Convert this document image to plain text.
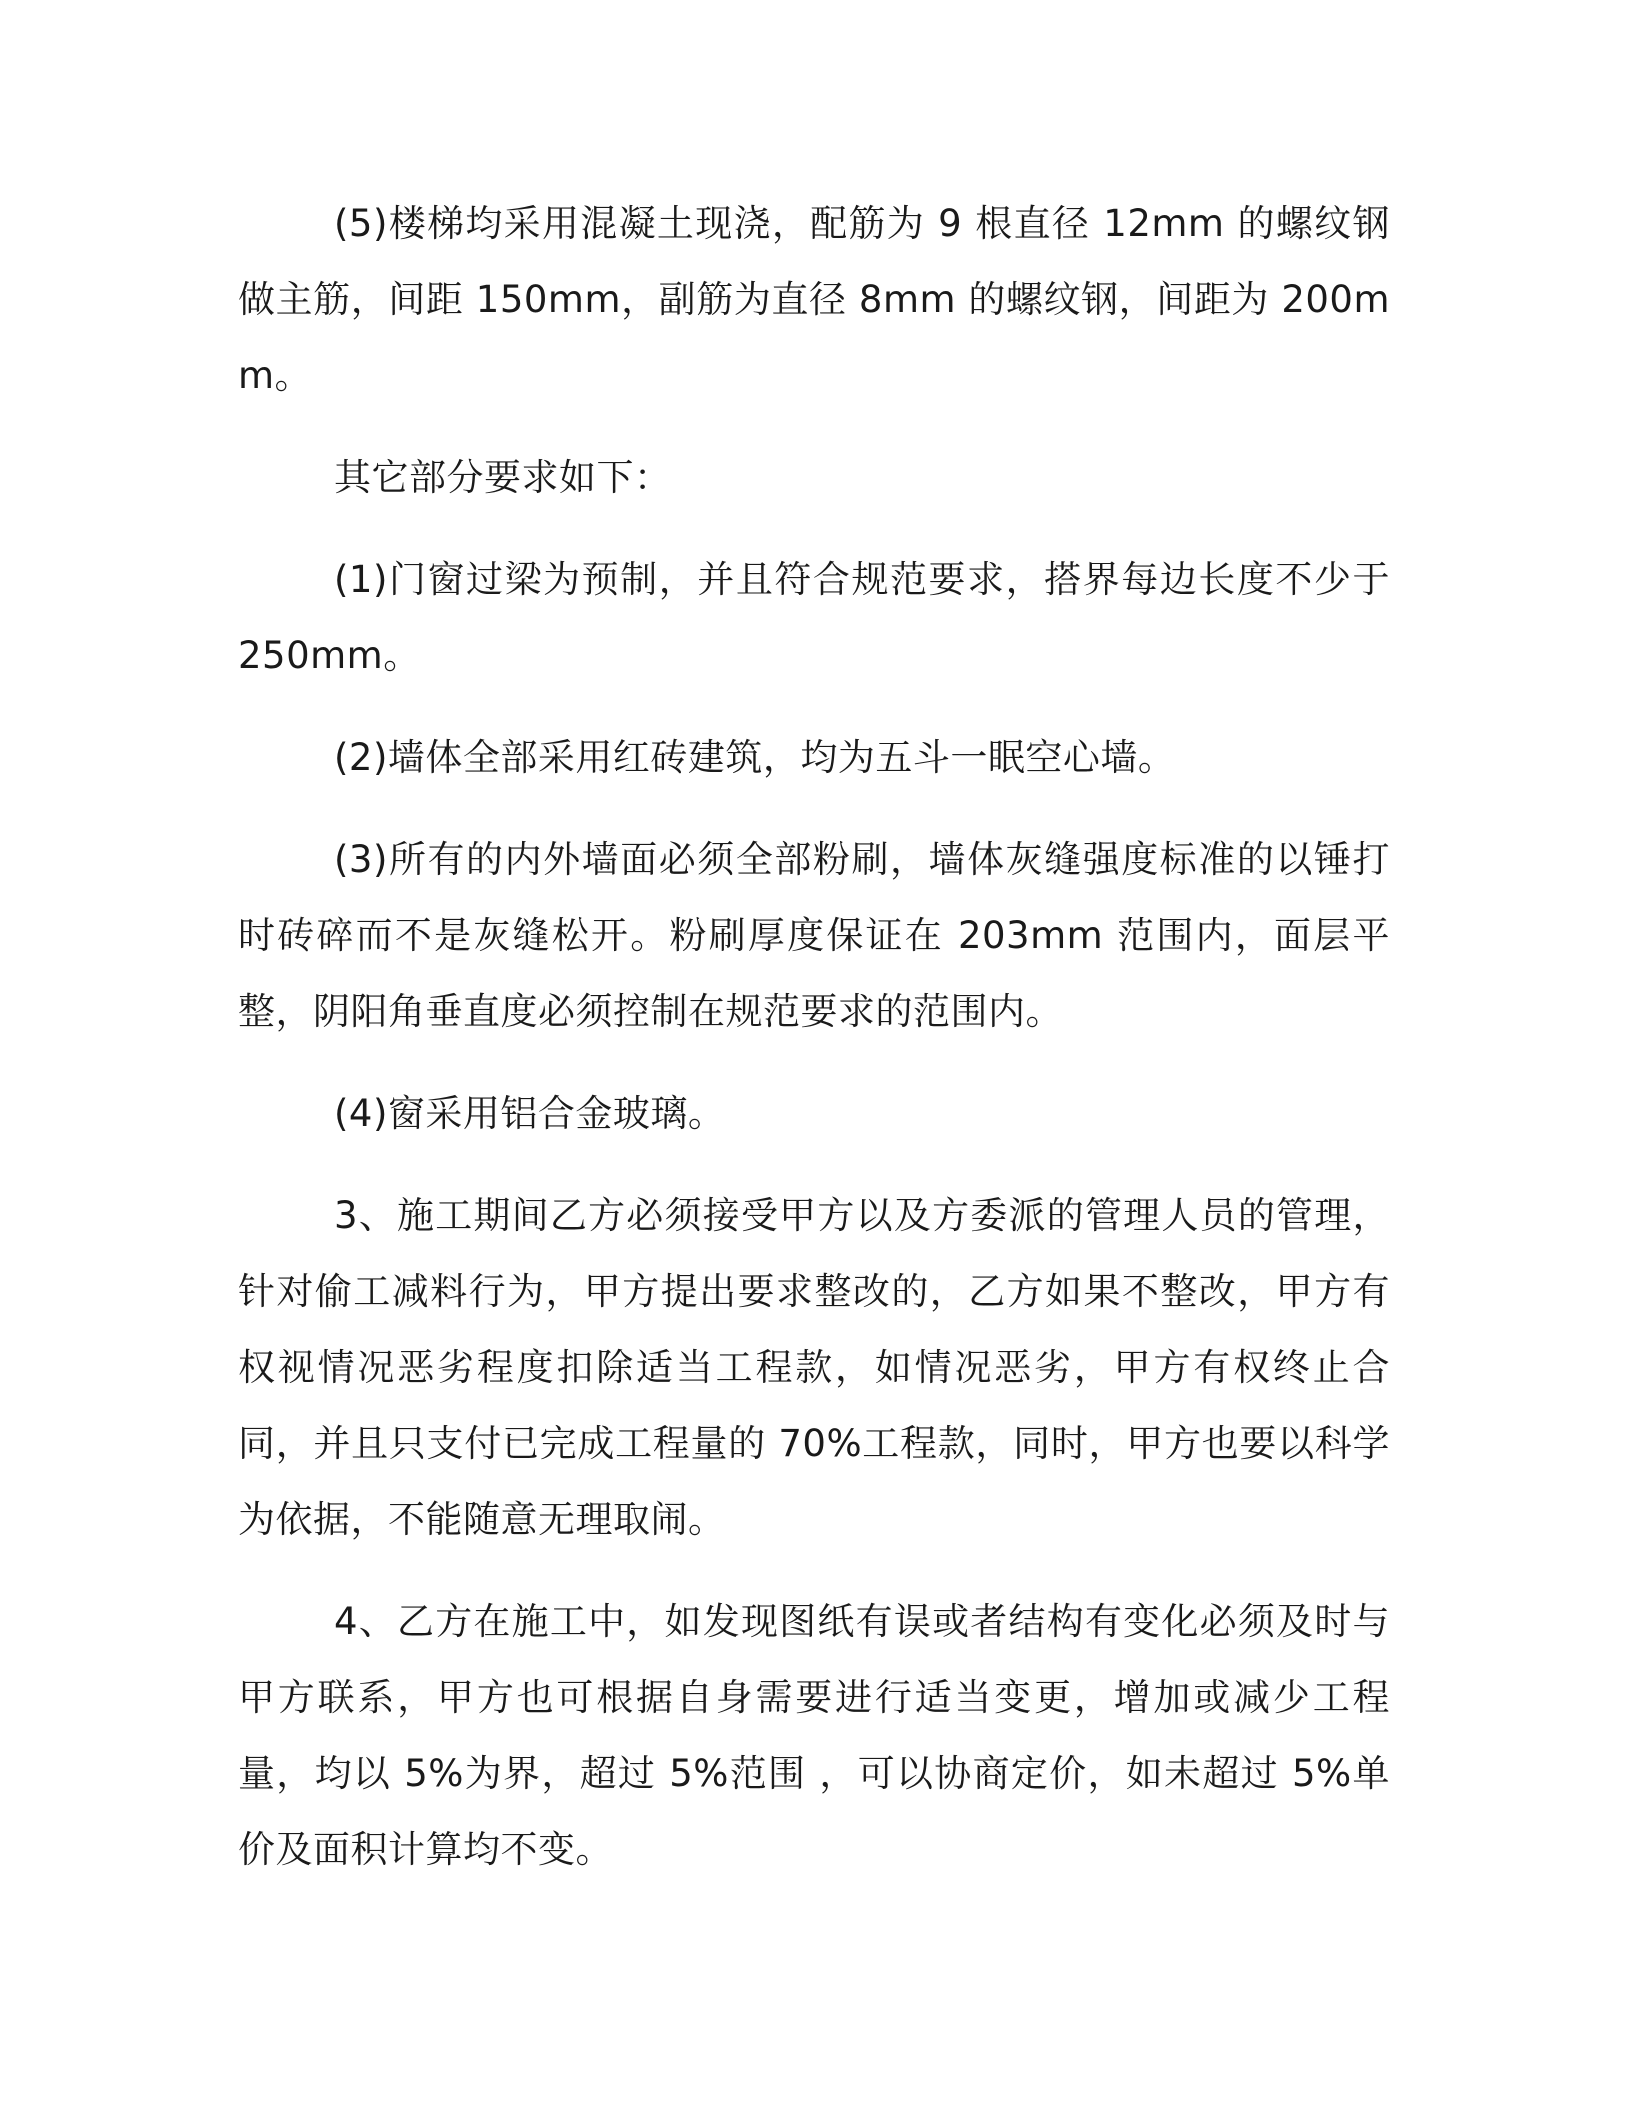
(5)楼梯均采用混凝土现浇，配筋为 9 根直径 12mm 的螺纹钢做主筋，间距 150mm，副筋为直径 8mm 的螺纹钢，间距为 200mm。

其它部分要求如下：

(1)门窗过梁为预制，并且符合规范要求，搭界每边长度不少于 250mm。

(2)墙体全部采用红砖建筑，均为五斗一眠空心墙。

(3)所有的内外墙面必须全部粉刷，墙体灰缝强度标准的以锤打时砖碎而不是灰缝松开。粉刷厚度保证在 203mm 范围内，面层平整，阴阳角垂直度必须控制在规范要求的范围内。

(4)窗采用铝合金玻璃。

3、施工期间乙方必须接受甲方以及方委派的管理人员的管理，针对偷工减料行为，甲方提出要求整改的，乙方如果不整改，甲方有权视情况恶劣程度扣除适当工程款，如情况恶劣，甲方有权终止合同，并且只支付已完成工程量的 70%工程款，同时，甲方也要以科学为依据，不能随意无理取闹。

4、乙方在施工中，如发现图纸有误或者结构有变化必须及时与甲方联系，甲方也可根据自身需要进行适当变更，增加或减少工程量，均以 5%为界，超过 5%范围 ，可以协商定价，如未超过 5%单价及面积计算均不变。
